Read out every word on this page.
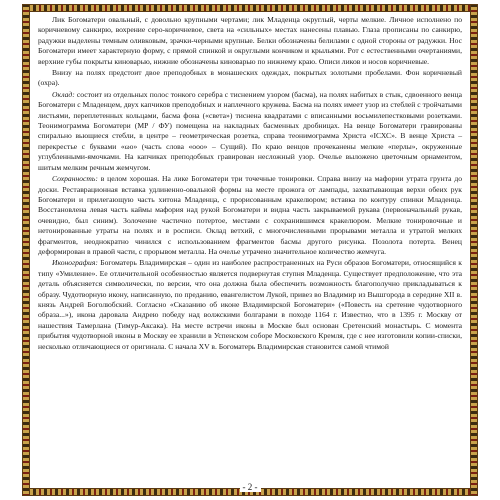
Лик Богоматери овальный, с довольно крупными чертами; лик Младенца округлый, черты мелкие. Личное исполнено по коричневому санкирю, вохрение серо-коричневое, света на «сильных» местах нанесены плавью. Глаза прописаны по санкирю, радужки выделены темным оливковым, зрачки-черными крупные. Белки обозначены белилами с одной стороны от радужки. Нос Богоматери имеет характерную форму, с прямой спинкой и округлыми кончиком и крыльями. Рот с естественными очертаниями, верхние губы покрыты киноварью, нижние обозначены киноварью по нижнему краю. Описи ликов и носов коричневые.

Внизу на полях предстоит двое преподобных в монашеских одеждах, покрытых золотыми пробелами. Фон коричневый (охра).

Оклад: состоит из отдельных полос тонкого серебра с тиснением узором (басма), на полях набитых в стык, сдвоенного венца Богоматери с Младенцем, двух капчиков преподобных и наплечного кружева. Басма на полях имеет узор из стеблей с тройчатыми листьями, переплетенных кольцами, басма фона («света») тиснена квадратами с вписанными восьмилепестковыми розетками. Теонимограмма Богоматери (МР / ФУ) помещена на накладных басменных дробницах. На венце Богоматери гравированы спирально вьющиеся стебли, в центре – геометрическая розетка, справа теонимограмма Христа «IСХС». В венце Христа – перекрестье с буквами «ωо» (часть слова «ооо» – Сущий). По краю венцов прочеканены мелкие «перлы», окруженные углубленными-ямочками. На капчиках преподобных гравирован несложный узор. Очелье выложено цветочным орнаментом, шитым мелким речным жемчугом.

Сохранность: в целом хорошая. На лике Богоматери три точечные тонировки. Справа внизу на мафории утрата грунта до доски. Реставрационная вставка удлиненно-овальной формы на месте прожога от лампады, захватывающая верхи обеих рук Богоматери и прилегающую часть хитона Младенца, с прорисованным кракелюром; вставка по контуру спинки Младенца. Восстановлена левая часть каймы мафория над рукой Богоматери и видна часть закрываемой рукава (первоначальный рукав, очевидно, был синим). Золочение частично потертое, местами с сохранившимся кракелюром. Мелкие тонировочные и нетонированные утраты на полях и в росписи. Оклад ветхий, с многочисленными прорывами металла и утратой мелких фрагментов, неоднократно чинился с использованием фрагментов басмы другого рисунка. Позолота потерта. Венец деформирован в правой части, с прорывом металла. На очелье утрачено значительное количество жемчуга.

Иконография: Богоматерь Владимирская – один из наиболее распространенных на Руси образов Богоматери, относящийся к типу «Умиление». Ее отличительной особенностью является подвернутая ступня Младенца. Существует предположение, что эта деталь объясняется символически, по версии, что она должна была обеспечить возможность благополучно прикладываться к образу. Чудотворную икону, написанную, по преданию, евангелистом Лукой, привез во Владимир из Вышгорода в середине XII в. князь Андрей Боголюбский. Согласно «Сказанию об иконе Владимирской Богоматери» («Повесть на сретение чудотворного образа...»), икона даровала Андрею победу над волжскими болгарами в походе 1164 г. Известно, что в 1395 г. Москву от нашествия Тамерлана (Тимур-Аксака). На месте встречи иконы в Москве был основан Сретенский монастырь. С момента прибытия чудотворной иконы в Москву ее хранили в Успенском соборе Московского Кремля, где с нее изготовили копии-списки, несколько отличающиеся от оригинала. С начала XV в. Богоматерь Владимирская становится самой чтимой

- 2 -
